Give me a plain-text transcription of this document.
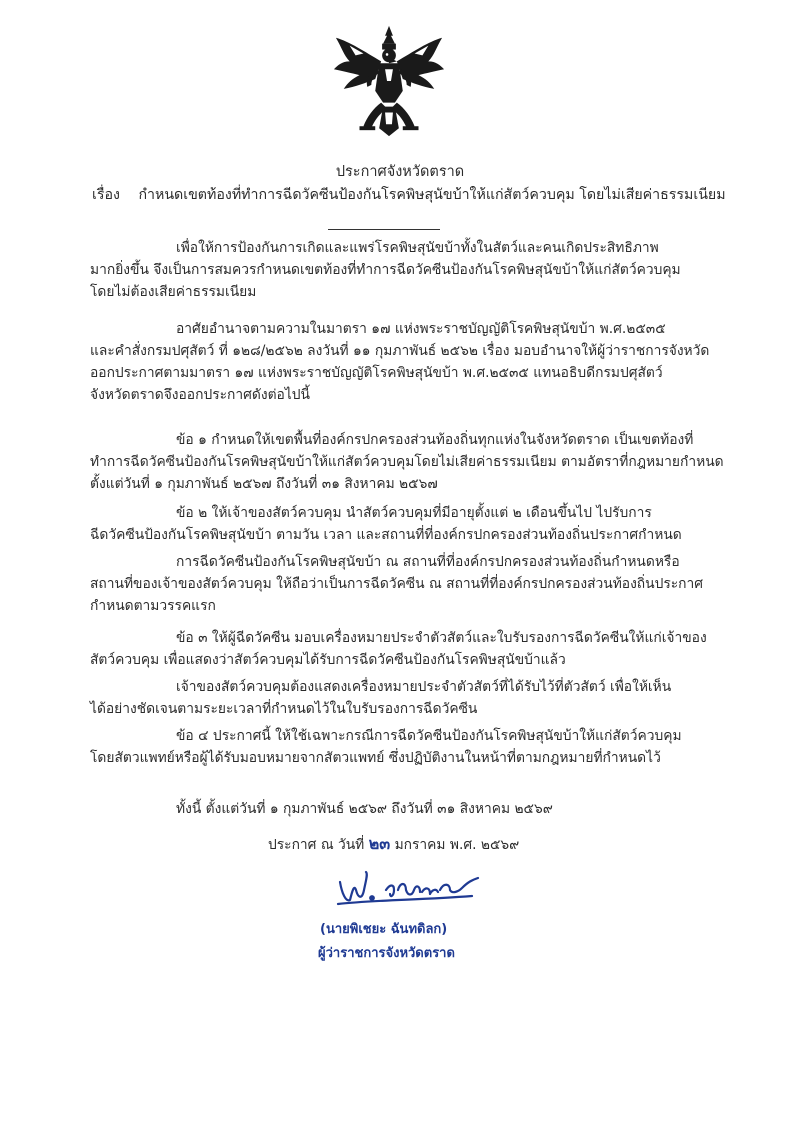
ประกาศจังหวัดตราด
เรื่อง กำหนดเขตท้องที่ทำการฉีดวัคซีนป้องกันโรคพิษสุนัขบ้าให้แก่สัตว์ควบคุม โดยไม่เสียค่าธรรมเนียม
เพื่อให้การป้องกันการเกิดและแพร่โรคพิษสุนัขบ้าทั้งในสัตว์และคนเกิดประสิทธิภาพ
มากยิ่งขึ้น จึงเป็นการสมควรกำหนดเขตท้องที่ทำการฉีดวัคซีนป้องกันโรคพิษสุนัขบ้าให้แก่สัตว์ควบคุม
โดยไม่ต้องเสียค่าธรรมเนียม
อาศัยอำนาจตามความในมาตรา ๑๗ แห่งพระราชบัญญัติโรคพิษสุนัขบ้า พ.ศ.๒๕๓๕
และคำสั่งกรมปศุสัตว์ ที่ ๑๒๘/๒๕๖๒ ลงวันที่ ๑๑ กุมภาพันธ์ ๒๕๖๒ เรื่อง มอบอำนาจให้ผู้ว่าราชการจังหวัด
ออกประกาศตามมาตรา ๑๗ แห่งพระราชบัญญัติโรคพิษสุนัขบ้า พ.ศ.๒๕๓๕ แทนอธิบดีกรมปศุสัตว์
จังหวัดตราดจึงออกประกาศดังต่อไปนี้
ข้อ ๑ กำหนดให้เขตพื้นที่องค์กรปกครองส่วนท้องถิ่นทุกแห่งในจังหวัดตราด เป็นเขตท้องที่
ทำการฉีดวัคซีนป้องกันโรคพิษสุนัขบ้าให้แก่สัตว์ควบคุมโดยไม่เสียค่าธรรมเนียม ตามอัตราที่กฎหมายกำหนด
ตั้งแต่วันที่ ๑ กุมภาพันธ์ ๒๕๖๗ ถึงวันที่ ๓๑ สิงหาคม ๒๕๖๗
ข้อ ๒ ให้เจ้าของสัตว์ควบคุม นำสัตว์ควบคุมที่มีอายุตั้งแต่ ๒ เดือนขึ้นไป ไปรับการ
ฉีดวัคซีนป้องกันโรคพิษสุนัขบ้า ตามวัน เวลา และสถานที่ที่องค์กรปกครองส่วนท้องถิ่นประกาศกำหนด
การฉีดวัคซีนป้องกันโรคพิษสุนัขบ้า ณ สถานที่ที่องค์กรปกครองส่วนท้องถิ่นกำหนดหรือ
สถานที่ของเจ้าของสัตว์ควบคุม ให้ถือว่าเป็นการฉีดวัคซีน ณ สถานที่ที่องค์กรปกครองส่วนท้องถิ่นประกาศ
กำหนดตามวรรคแรก
ข้อ ๓ ให้ผู้ฉีดวัคซีน มอบเครื่องหมายประจำตัวสัตว์และใบรับรองการฉีดวัคซีนให้แก่เจ้าของ
สัตว์ควบคุม เพื่อแสดงว่าสัตว์ควบคุมได้รับการฉีดวัคซีนป้องกันโรคพิษสุนัขบ้าแล้ว
เจ้าของสัตว์ควบคุมต้องแสดงเครื่องหมายประจำตัวสัตว์ที่ได้รับไว้ที่ตัวสัตว์ เพื่อให้เห็น
ได้อย่างชัดเจนตามระยะเวลาที่กำหนดไว้ในใบรับรองการฉีดวัคซีน
ข้อ ๔ ประกาศนี้ ให้ใช้เฉพาะกรณีการฉีดวัคซีนป้องกันโรคพิษสุนัขบ้าให้แก่สัตว์ควบคุม
โดยสัตวแพทย์หรือผู้ได้รับมอบหมายจากสัตวแพทย์ ซึ่งปฏิบัติงานในหน้าที่ตามกฎหมายที่กำหนดไว้
ทั้งนี้ ตั้งแต่วันที่ ๑ กุมภาพันธ์ ๒๕๖๙ ถึงวันที่ ๓๑ สิงหาคม ๒๕๖๙
ประกาศ ณ วันที่ ๒๓ มกราคม พ.ศ. ๒๕๖๙
(นายพิเชยะ ฉันทดิลก)
ผู้ว่าราชการจังหวัดตราด
